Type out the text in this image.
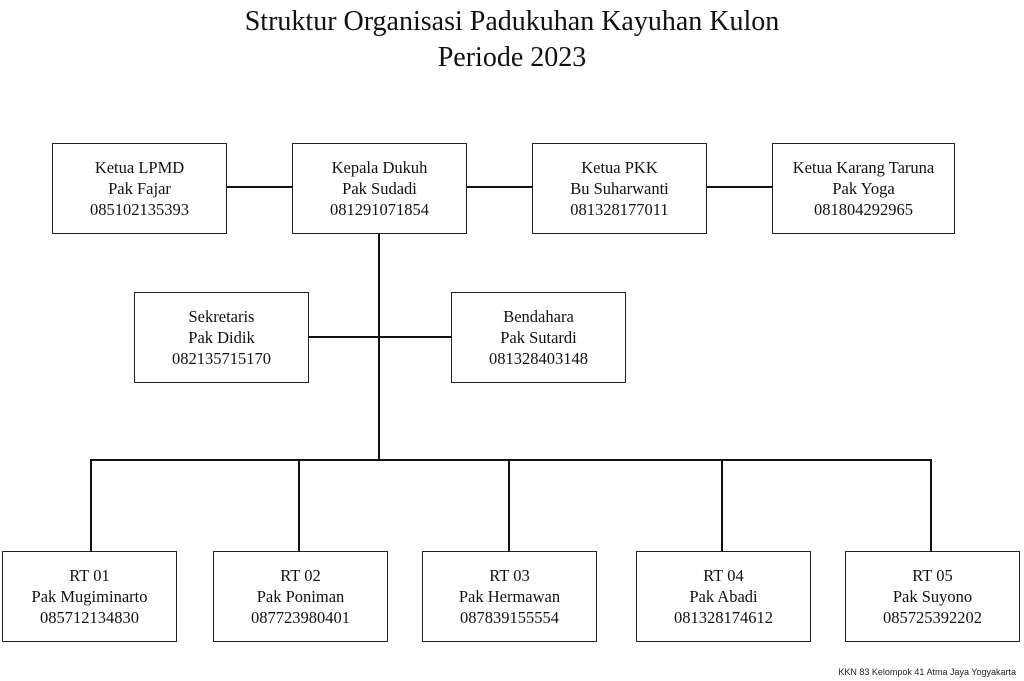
Struktur Organisasi Padukuhan Kayuhan Kulon
Periode 2023
Ketua LPMD
Pak Fajar
085102135393
Kepala Dukuh
Pak Sudadi
081291071854
Ketua PKK
Bu Suharwanti
081328177011
Ketua Karang Taruna
Pak Yoga
081804292965
Sekretaris
Pak Didik
082135715170
Bendahara
Pak Sutardi
081328403148
RT 01
Pak Mugiminarto
085712134830
RT 02
Pak Poniman
087723980401
RT 03
Pak Hermawan
087839155554
RT 04
Pak Abadi
081328174612
RT 05
Pak Suyono
085725392202
KKN 83 Kelompok 41 Atma Jaya Yogyakarta
